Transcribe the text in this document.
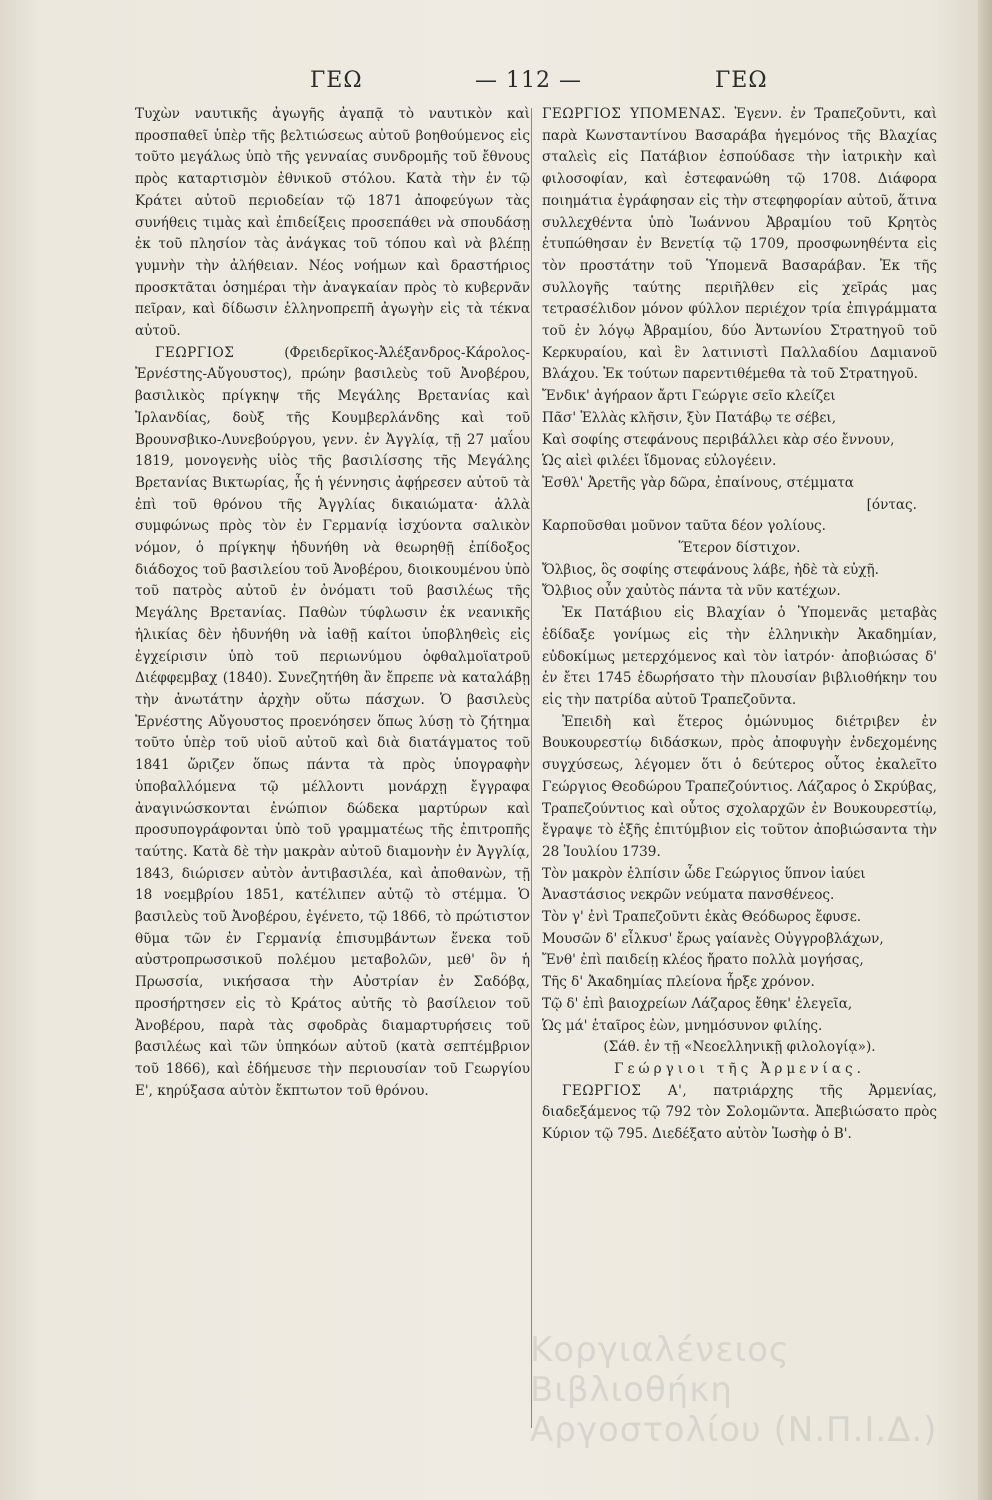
ΓΕΩ	— 112 —	ΓΕΩ

Τυχὼν ναυτικῆς ἀγωγῆς ἀγαπᾷ τὸ ναυτικὸν καὶ προσπαθεῖ ὑπὲρ τῆς βελτιώσεως αὐτοῦ βοηθούμενος εἰς τοῦτο μεγάλως ὑπὸ τῆς γενναίας συνδρομῆς τοῦ ἔθνους πρὸς καταρτισμὸν ἐθνικοῦ στόλου. Κατὰ τὴν ἐν τῷ Κράτει αὐτοῦ περιοδείαν τῷ 1871 ἀποφεύγων τὰς συνήθεις τιμὰς καὶ ἐπιδείξεις προσεπάθει νὰ σπουδάσῃ ἐκ τοῦ πλησίον τὰς ἀνάγκας τοῦ τόπου καὶ νὰ βλέπῃ γυμνὴν τὴν ἀλήθειαν. Νέος νοήμων καὶ δραστήριος προσκτᾶται ὁσημέραι τὴν ἀναγκαίαν πρὸς τὸ κυβερνᾶν πεῖραν, καὶ δίδωσιν ἑλληνοπρεπῆ ἀγωγὴν εἰς τὰ τέκνα αὐτοῦ.

ΓΕΩΡΓΙΟΣ	(Φρειδερῖκος-Ἀλέξανδρος-Κάρολος-Ἐρνέστης-Αὔγουστος), πρώην βασιλεὺς τοῦ Ἀνοβέρου, βασιλικὸς πρίγκηψ τῆς Μεγάλης Βρετανίας καὶ Ἰρλανδίας, δοὺξ τῆς Κουμβερλάνδης καὶ τοῦ Βρουνσβικο-Λυνεβούργου, γενν. ἐν Ἀγγλίᾳ, τῇ 27 μαΐου 1819, μονογενὴς υἱὸς τῆς βασιλίσσης τῆς Μεγάλης Βρετανίας Βικτωρίας, ἧς ἡ γέννησις ἀφῄρεσεν αὐτοῦ τὰ ἐπὶ τοῦ θρόνου τῆς Ἀγγλίας δικαιώματα· ἀλλὰ συμφώνως πρὸς τὸν ἐν Γερμανίᾳ ἰσχύοντα σαλικὸν νόμον, ὁ πρίγκηψ ἠδυνήθη νὰ θεωρηθῇ ἐπίδοξος διάδοχος τοῦ βασιλείου τοῦ Ἀνοβέρου, διοικουμένου ὑπὸ τοῦ πατρὸς αὐτοῦ ἐν ὀνόματι τοῦ βασιλέως τῆς Μεγάλης Βρετανίας. Παθὼν τύφλωσιν ἐκ νεανικῆς ἡλικίας δὲν ἠδυνήθη νὰ ἰαθῇ καίτοι ὑποβληθεὶς εἰς ἐγχείρισιν ὑπὸ τοῦ περιωνύμου ὀφθαλμοϊατροῦ Διέφφεμβαχ (1840). Συνεζητήθη ἂν ἔπρεπε νὰ καταλάβῃ τὴν ἀνωτάτην ἀρχὴν οὕτω πάσχων. Ὁ βασιλεὺς Ἐρνέστης Αὔγουστος προενόησεν ὅπως λύσῃ τὸ ζήτημα τοῦτο ὑπὲρ τοῦ υἱοῦ αὐτοῦ καὶ διὰ διατάγματος τοῦ 1841 ὥριζεν ὅπως πάντα τὰ πρὸς ὑπογραφὴν ὑποβαλλόμενα τῷ μέλλοντι μονάρχῃ ἔγγραφα ἀναγινώσκονται ἐνώπιον δώδεκα μαρτύρων καὶ προσυπογράφονται ὑπὸ τοῦ γραμματέως τῆς ἐπιτροπῆς ταύτης. Κατὰ δὲ τὴν μακρὰν αὐτοῦ διαμονὴν ἐν Ἀγγλίᾳ, 1843, διώρισεν αὐτὸν ἀντιβασιλέα, καὶ ἀποθανὼν, τῇ 18 νοεμβρίου 1851, κατέλιπεν αὐτῷ τὸ στέμμα. Ὁ βασιλεὺς τοῦ Ἀνοβέρου, ἐγένετο, τῷ 1866, τὸ πρώτιστον θῦμα τῶν ἐν Γερμανίᾳ ἐπισυμβάντων ἕνεκα τοῦ αὐστροπρωσσικοῦ πολέμου μεταβολῶν, μεθ' ὃν ἡ Πρωσσία, νικήσασα τὴν Αὐστρίαν ἐν Σαδόβᾳ, προσήρτησεν εἰς τὸ Κράτος αὐτῆς τὸ βασίλειον τοῦ Ἀνοβέρου, παρὰ τὰς σφοδρὰς διαμαρτυρήσεις τοῦ βασιλέως καὶ τῶν ὑπηκόων αὐτοῦ (κατὰ σεπτέμβριον τοῦ 1866), καὶ ἐδήμευσε τὴν περιουσίαν τοῦ Γεωργίου Ε', κηρύξασα αὐτὸν ἔκπτωτον τοῦ θρόνου.

ΓΕΩΡΓΙΟΣ ΥΠΟΜΕΝΑΣ. Ἐγενν. ἐν Τραπεζοῦντι, καὶ παρὰ Κωνσταντίνου Βασαράβα ἡγεμόνος τῆς Βλαχίας σταλεὶς εἰς Πατάβιον ἐσπούδασε τὴν ἰατρικὴν καὶ φιλοσοφίαν, καὶ ἐστεφανώθη τῷ 1708. Διάφορα ποιημάτια ἐγράφησαν εἰς τὴν στεφηφορίαν αὐτοῦ, ἅτινα συλλεχθέντα ὑπὸ Ἰωάννου Ἀβραμίου τοῦ Κρητὸς ἐτυπώθησαν ἐν Βενετίᾳ τῷ 1709, προσφωνηθέντα εἰς τὸν προστάτην τοῦ Ὑπομενᾶ Βασαράβαν. Ἐκ τῆς συλλογῆς ταύτης περιῆλθεν εἰς χεῖράς μας τετρασέλιδον μόνον φύλλον περιέχον τρία ἐπιγράμματα τοῦ ἐν λόγῳ Ἀβραμίου, δύο Ἀντωνίου Στρατηγοῦ τοῦ Κερκυραίου, καὶ ἓν λατινιστὶ Παλλαδίου Δαμιανοῦ Βλάχου. Ἐκ τούτων παρεντιθέμεθα τὰ τοῦ Στρατηγοῦ.

Ἔνδικ' ἀγήραον ἄρτι Γεώργιε σεῖο κλείζει
Πᾶσ' Ἑλλὰς κλῆσιν, ξὺν Πατάβῳ τε σέβει,
Καὶ σοφίης στεφάνους περιβάλλει κὰρ σέο ἔννουν,
Ὡς αἰεὶ φιλέει ἴδμονας εὐλογέειν.
Ἐσθλ' Ἀρετῆς γὰρ δῶρα, ἐπαίνους, στέμματα
[όντας.
Καρποῦσθαι μοῦνον ταῦτα δέον γολίους.

Ἕτερον δίστιχον.

Ὄλβιος, ὃς σοφίης στεφάνους λάβε, ἠδὲ τὰ εὐχῇ.
Ὄλβιος οὖν χαὐτὸς πάντα τὰ νῦν κατέχων.

Ἐκ Πατάβιου εἰς Βλαχίαν ὁ Ὑπομενᾶς μεταβὰς ἐδίδαξε γονίμως εἰς τὴν ἑλληνικὴν Ἀκαδημίαν, εὐδοκίμως μετερχόμενος καὶ τὸν ἰατρόν· ἀποβιώσας δ' ἐν ἔτει 1745 ἐδωρήσατο τὴν πλουσίαν βιβλιοθήκην του εἰς τὴν πατρίδα αὐτοῦ Τραπεζοῦντα.

Ἐπειδὴ καὶ ἕτερος ὁμώνυμος διέτριβεν ἐν Βουκουρεστίῳ διδάσκων, πρὸς ἀποφυγὴν ἐνδεχομένης συγχύσεως, λέγομεν ὅτι ὁ δεύτερος οὗτος ἐκαλεῖτο Γεώργιος Θεοδώρου Τραπεζούντιος. Λάζαρος ὁ Σκρύβας, Τραπεζούντιος καὶ οὗτος σχολαρχῶν ἐν Βουκουρεστίῳ, ἔγραψε τὸ ἑξῆς ἐπιτύμβιον εἰς τοῦτον ἀποβιώσαντα τὴν 28 Ἰουλίου 1739.

Τὸν μακρὸν ἐλπίσιν ὧδε Γεώργιος ὕπνον ἰαύει
Ἀναστάσιος νεκρῶν νεύματα πανσθένεος.
Τὸν γ' ἐνὶ Τραπεζοῦντι ἑκὰς Θεόδωρος ἔφυσε.
Μουσῶν δ' εἶλκυσ' ἔρως γαίανὲς Οὐγγροβλάχων,
Ἔνθ' ἐπὶ παιδείῃ κλέος ἤρατο πολλὰ μογήσας,
Τῆς δ' Ἀκαδημίας πλείονα ἦρξε χρόνον.
Τῷ δ' ἐπὶ βαιοχρείων Λάζαρος ἔθηκ' ἐλεγεῖα,
Ὡς μά' ἑταῖρος ἐὼν, μνημόσυνον φιλίης.

(Σάθ. ἐν τῇ «Νεοελληνικῇ φιλολογίᾳ»).

Γεώργιοι τῆς Ἀρμενίας.

ΓΕΩΡΓΙΟΣ Α', πατριάρχης τῆς Ἀρμενίας, διαδεξάμενος τῷ 792 τὸν Σολομῶντα. Ἀπεβιώσατο πρὸς Κύριον τῷ 795. Διεδέξατο αὐτὸν Ἰωσὴφ ὁ Β'.

Κοργιαλένειος Βιβλιοθήκη Αργοστολίου (Ν.Π.Ι.Δ.)
